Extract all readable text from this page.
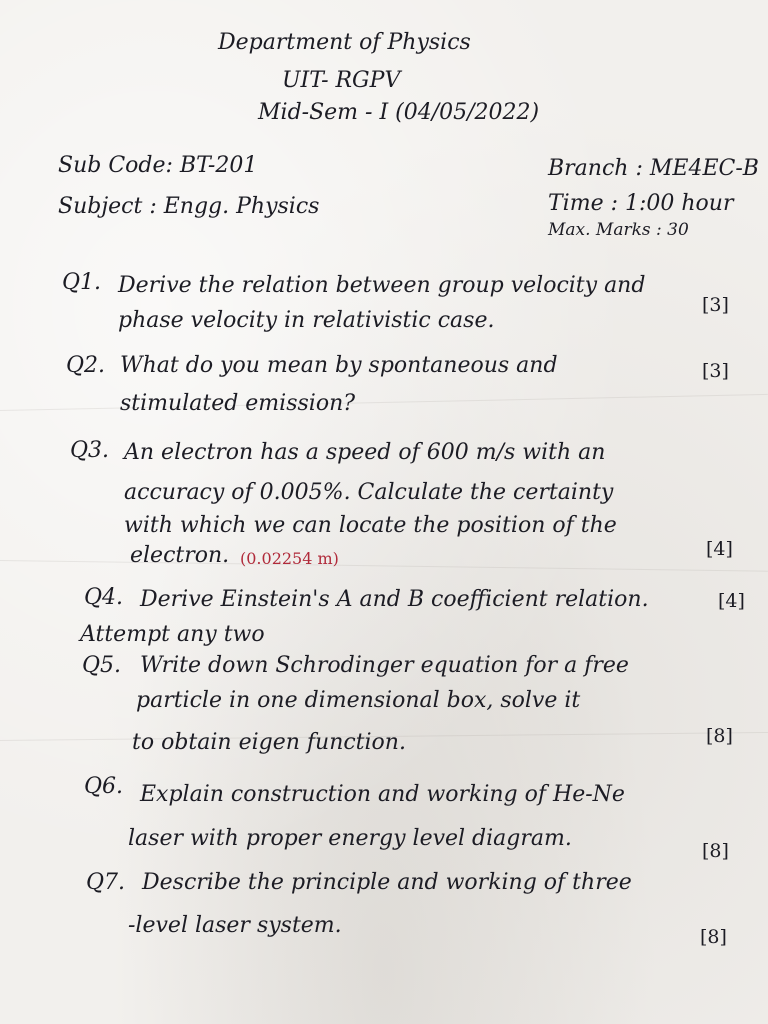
Department of Physics
UIT- RGPV
Mid-Sem - I (04/05/2022)
Sub Code: BT-201
Subject : Engg. Physics
Branch : ME4EC-B
Time : 1:00 hour
Max. Marks : 30
Q1. Derive the relation between group velocity and
phase velocity in relativistic case.
[3]
Q2. What do you mean by spontaneous and
stimulated emission?
[3]
Q3. An electron has a speed of 600 m/s with an
accuracy of 0.005%. Calculate the certainty
with which we can locate the position of the
electron. (0.02254 m)	[4]
Q4. Derive Einstein's A and B coefficient relation.	[4]
Attempt any two
Q5. Write down Schrodinger equation for a free
particle in one dimensional box, solve it
to obtain eigen function.	[8]
Q6. Explain construction and working of He-Ne
laser with proper energy level diagram.	[8]
Q7. Describe the principle and working of three
-level laser system.	[8]
